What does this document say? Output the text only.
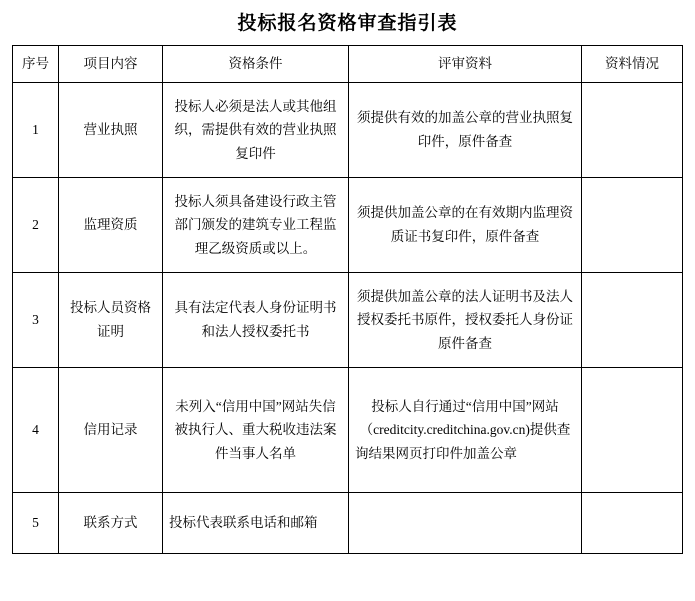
投标报名资格审查指引表
序号	项目内容	资格条件	评审资料	资料情况
1	营业执照	投标人必须是法人或其他组织，需提供有效的营业执照复印件	须提供有效的加盖公章的营业执照复印件，原件备查	
2	监理资质	投标人须具备建设行政主管部门颁发的建筑专业工程监理乙级资质或以上。	须提供加盖公章的在有效期内监理资质证书复印件，原件备查	
3	投标人员资格证明	具有法定代表人身份证明书和法人授权委托书	须提供加盖公章的法人证明书及法人授权委托书原件，授权委托人身份证原件备查	
4	信用记录	未列入“信用中国”网站失信被执行人、重大税收违法案件当事人名单	投标人自行通过“信用中国”网站（creditcity.creditchina.gov.cn)提供查询结果网页打印件加盖公章	
5	联系方式	投标代表联系电话和邮箱		
